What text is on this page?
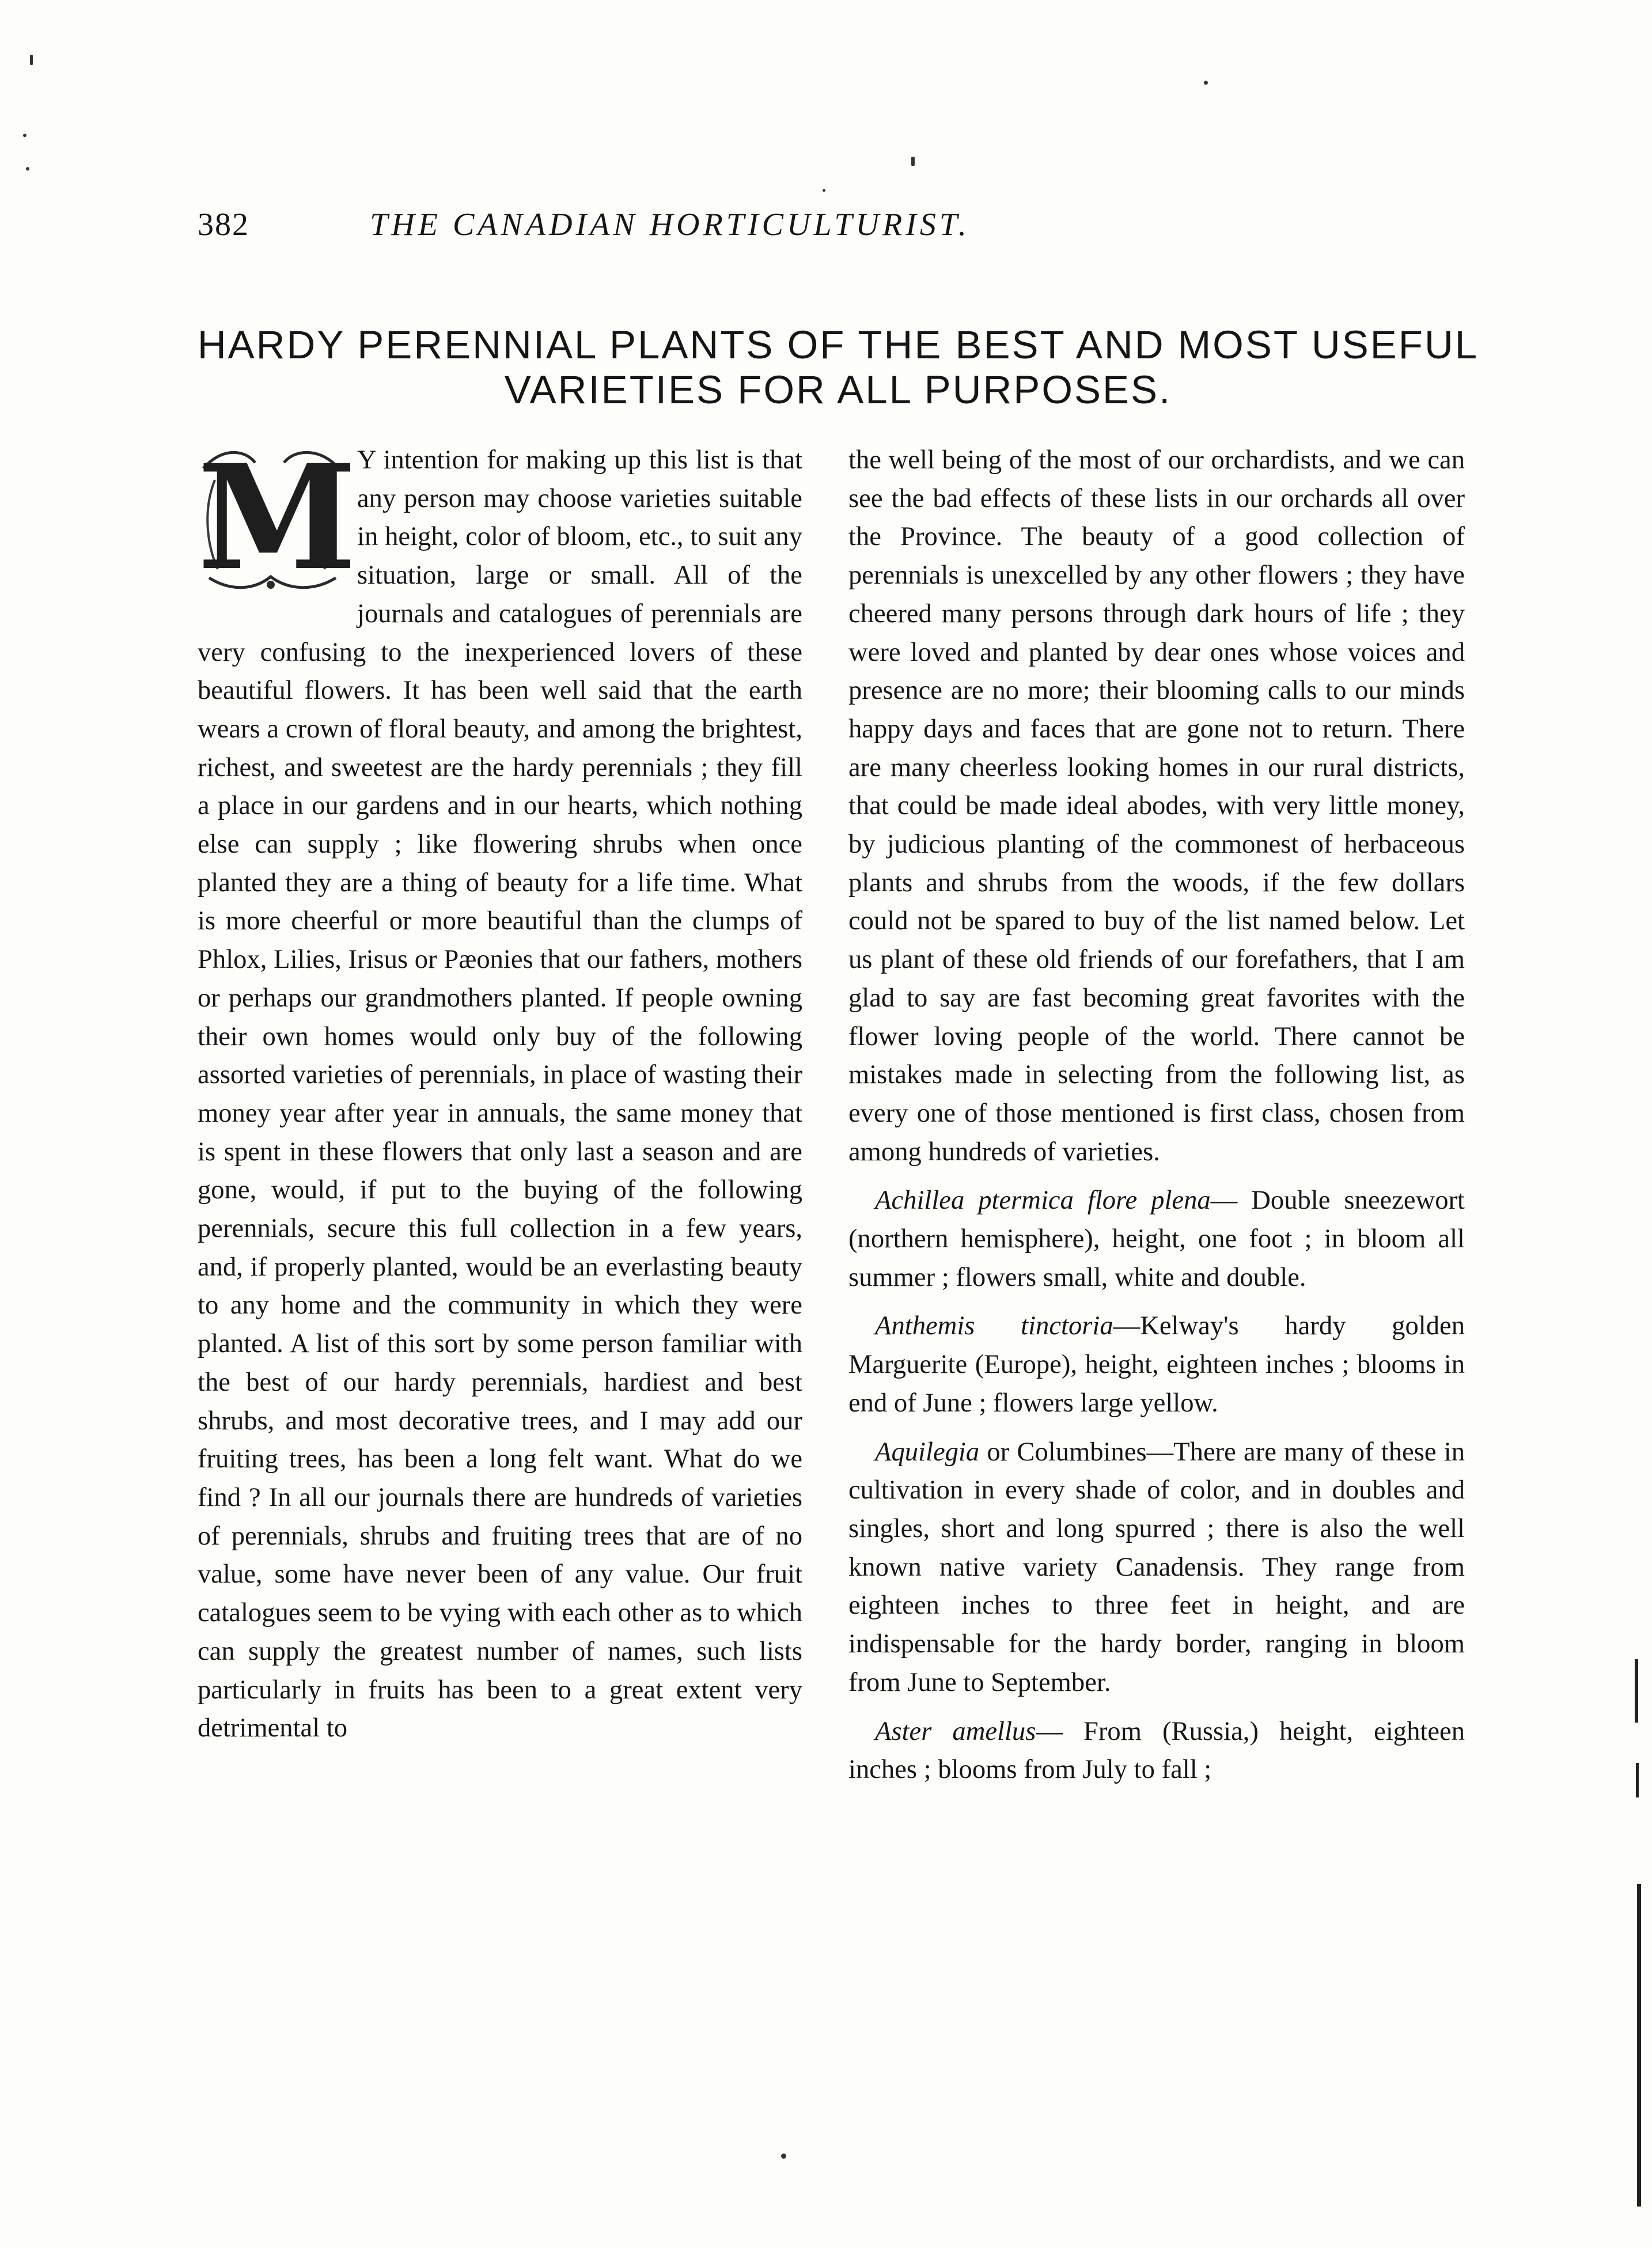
382	THE CANADIAN HORTICULTURIST.
HARDY PERENNIAL PLANTS OF THE BEST AND MOST USEFUL
VARIETIES FOR ALL PURPOSES.
M Y intention for making up this list is that any person may choose varieties suitable in height, color of bloom, etc., to suit any situation, large or small. All of the journals and catalogues of perennials are very confusing to the inexperienced lovers of these beautiful flowers. It has been well said that the earth wears a crown of floral beauty, and among the brightest, richest, and sweetest are the hardy perennials ; they fill a place in our gardens and in our hearts, which nothing else can supply ; like flowering shrubs when once planted they are a thing of beauty for a life time. What is more cheerful or more beautiful than the clumps of Phlox, Lilies, Irisus or Pæonies that our fathers, mothers or perhaps our grandmothers planted. If people owning their own homes would only buy of the following assorted varieties of perennials, in place of wasting their money year after year in annuals, the same money that is spent in these flowers that only last a season and are gone, would, if put to the buying of the following perennials, secure this full collection in a few years, and, if properly planted, would be an everlasting beauty to any home and the community in which they were planted. A list of this sort by some person familiar with the best of our hardy perennials, hardiest and best shrubs, and most decorative trees, and I may add our fruiting trees, has been a long felt want. What do we find ? In all our journals there are hundreds of varieties of perennials, shrubs and fruiting trees that are of no value, some have never been of any value. Our fruit catalogues seem to be vying with each other as to which can supply the greatest number of names, such lists particularly in fruits has been to a great extent very detrimental to

the well being of the most of our orchardists, and we can see the bad effects of these lists in our orchards all over the Province. The beauty of a good collection of perennials is unexcelled by any other flowers ; they have cheered many persons through dark hours of life ; they were loved and planted by dear ones whose voices and presence are no more; their blooming calls to our minds happy days and faces that are gone not to return. There are many cheerless looking homes in our rural districts, that could be made ideal abodes, with very little money, by judicious planting of the commonest of herbaceous plants and shrubs from the woods, if the few dollars could not be spared to buy of the list named below. Let us plant of these old friends of our forefathers, that I am glad to say are fast becoming great favorites with the flower loving people of the world. There cannot be mistakes made in selecting from the following list, as every one of those mentioned is first class, chosen from among hundreds of varieties.

Achillea ptermica flore plena— Double sneezewort (northern hemisphere), height, one foot ; in bloom all summer ; flowers small, white and double.

Anthemis tinctoria—Kelway's hardy golden Marguerite (Europe), height, eighteen inches ; blooms in end of June ; flowers large yellow.

Aquilegia or Columbines—There are many of these in cultivation in every shade of color, and in doubles and singles, short and long spurred ; there is also the well known native variety Canadensis. They range from eighteen inches to three feet in height, and are indispensable for the hardy border, ranging in bloom from June to September.

Aster amellus— From (Russia,) height, eighteen inches ; blooms from July to fall ;
